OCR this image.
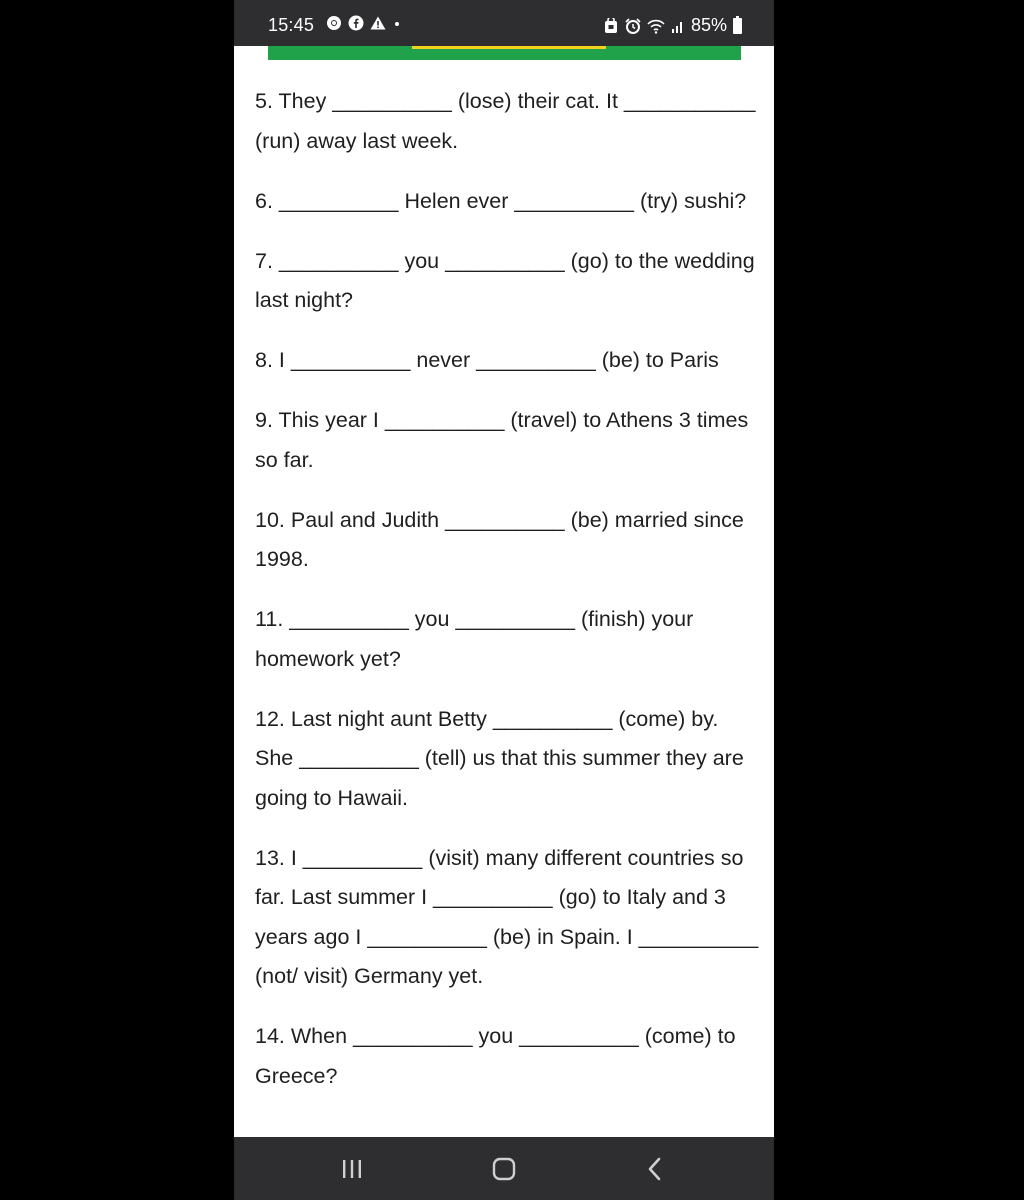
15:45	85%

5. They __________ (lose) their cat. It ___________ (run) away last week.

6. __________ Helen ever __________ (try) sushi?

7. __________ you __________ (go) to the wedding last night?

8. I __________ never __________ (be) to Paris

9. This year I __________ (travel) to Athens 3 times so far.

10. Paul and Judith __________ (be) married since 1998.

11. __________ you __________ (finish) your homework yet?

12. Last night aunt Betty __________ (come) by. She __________ (tell) us that this summer they are going to Hawaii.

13. I __________ (visit) many different countries so far. Last summer I __________ (go) to Italy and 3 years ago I __________ (be) in Spain. I __________ (not/ visit) Germany yet.

14. When __________ you __________ (come) to Greece?
